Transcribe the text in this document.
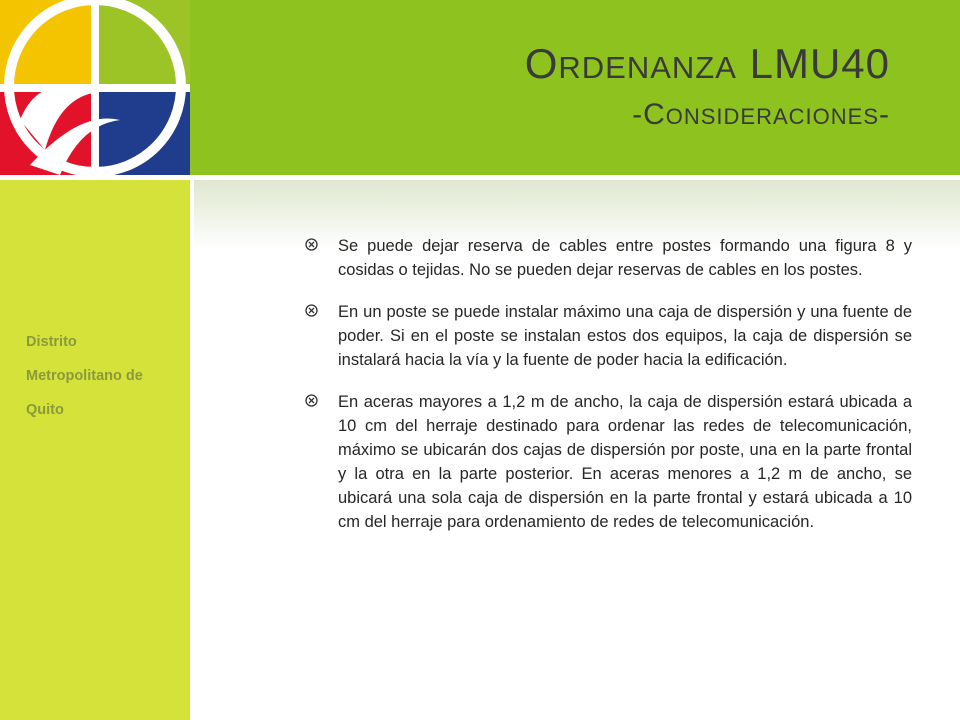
ORDENANZA LMU40
-CONSIDERACIONES-
Distrito
Metropolitano de
Quito
Se puede dejar reserva de cables entre postes formando una figura 8 y cosidas o tejidas. No se pueden dejar reservas de cables en los postes.
En un poste se puede instalar máximo una caja de dispersión y una fuente de poder. Si en el poste se instalan estos dos equipos, la caja de dispersión se instalará hacia la vía y la fuente de poder hacia la edificación.
En aceras mayores a 1,2 m de ancho, la caja de dispersión estará ubicada a 10 cm del herraje destinado para ordenar las redes de telecomunicación, máximo se ubicarán dos cajas de dispersión por poste, una en la parte frontal y la otra en la parte posterior. En aceras menores a 1,2 m de ancho, se ubicará una sola caja de dispersión en la parte frontal y estará ubicada a 10 cm del herraje para ordenamiento de redes de telecomunicación.
